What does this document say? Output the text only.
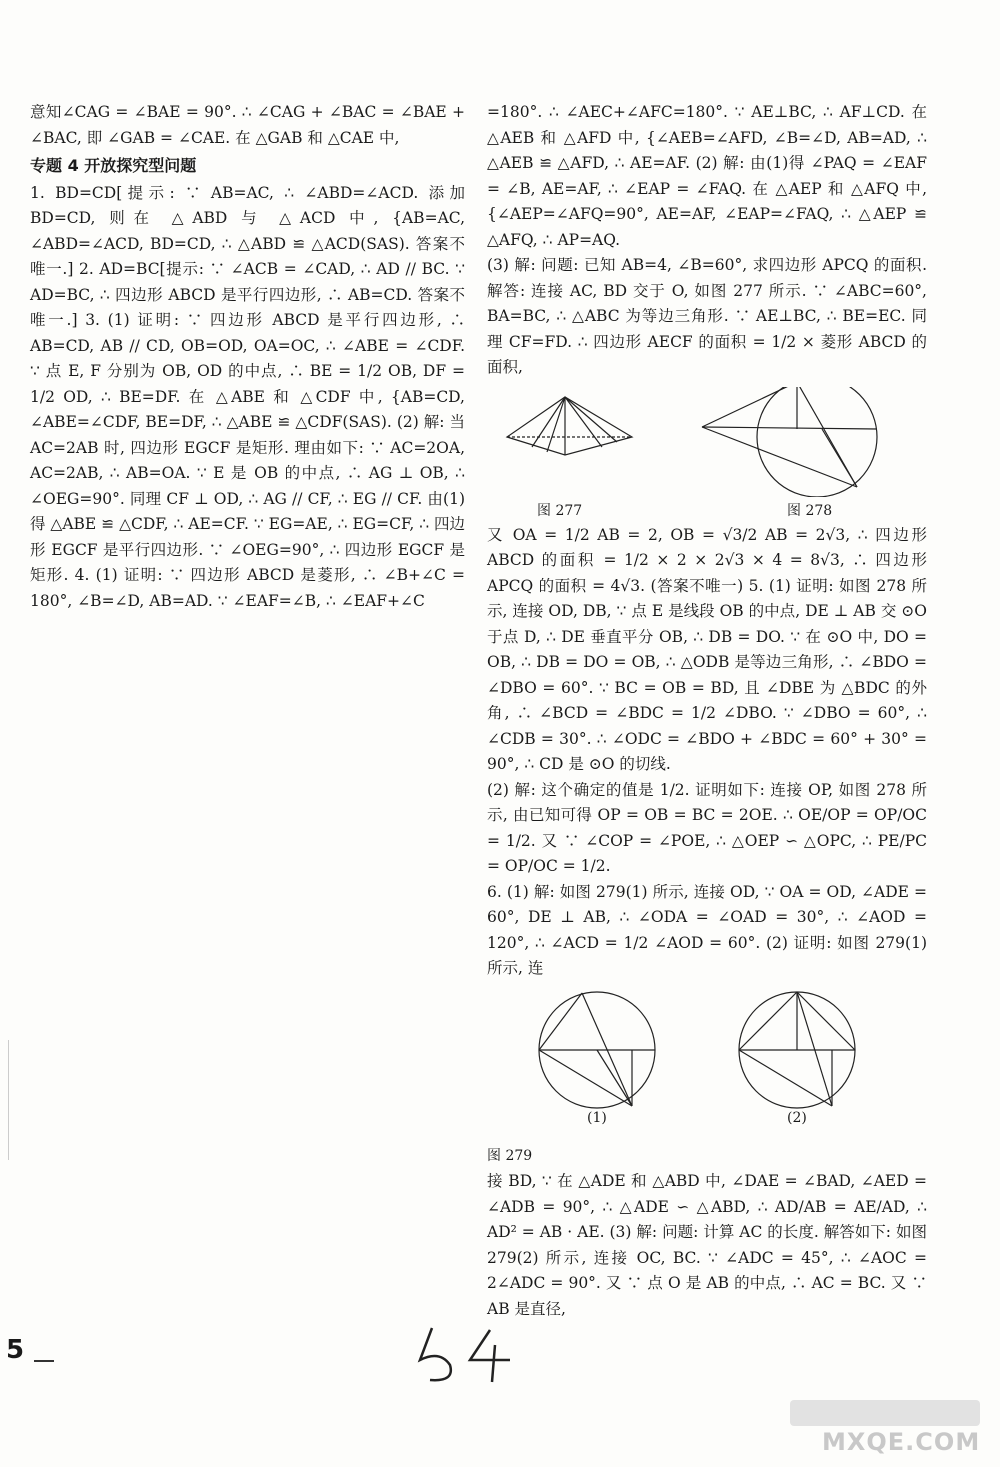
意知∠CAG = ∠BAE = 90°. ∴ ∠CAG + ∠BAC = ∠BAE + ∠BAC, 即 ∠GAB = ∠CAE. 在 △GAB 和 △CAE 中,

专题 4 开放探究型问题

1. BD=CD[提示: ∵ AB=AC, ∴ ∠ABD=∠ACD. 添加 BD=CD, 则在 △ABD 与 △ACD 中, {AB=AC, ∠ABD=∠ACD, BD=CD, ∴ △ABD ≌ △ACD(SAS). 答案不唯一.] 2. AD=BC[提示: ∵ ∠ACB = ∠CAD, ∴ AD // BC. ∵ AD=BC, ∴ 四边形 ABCD 是平行四边形, ∴ AB=CD. 答案不唯一.] 3. (1) 证明: ∵ 四边形 ABCD 是平行四边形, ∴ AB=CD, AB // CD, OB=OD, OA=OC, ∴ ∠ABE = ∠CDF. ∵ 点 E, F 分别为 OB, OD 的中点, ∴ BE = 1/2 OB, DF = 1/2 OD, ∴ BE=DF. 在 △ABE 和 △CDF 中, {AB=CD, ∠ABE=∠CDF, BE=DF, ∴ △ABE ≌ △CDF(SAS). (2) 解: 当 AC=2AB 时, 四边形 EGCF 是矩形. 理由如下: ∵ AC=2OA, AC=2AB, ∴ AB=OA. ∵ E 是 OB 的中点, ∴ AG ⊥ OB, ∴ ∠OEG=90°. 同理 CF ⊥ OD, ∴ AG // CF, ∴ EG // CF. 由(1)得 △ABE ≌ △CDF, ∴ AE=CF. ∵ EG=AE, ∴ EG=CF, ∴ 四边形 EGCF 是平行四边形. ∵ ∠OEG=90°, ∴ 四边形 EGCF 是矩形. 4. (1) 证明: ∵ 四边形 ABCD 是菱形, ∴ ∠B+∠C = 180°, ∠B=∠D, AB=AD. ∵ ∠EAF=∠B, ∴ ∠EAF+∠C

=180°. ∴ ∠AEC+∠AFC=180°. ∵ AE⊥BC, ∴ AF⊥CD. 在 △AEB 和 △AFD 中, {∠AEB=∠AFD, ∠B=∠D, AB=AD, ∴ △AEB ≌ △AFD, ∴ AE=AF. (2) 解: 由(1)得 ∠PAQ = ∠EAF = ∠B, AE=AF, ∴ ∠EAP = ∠FAQ. 在 △AEP 和 △AFQ 中, {∠AEP=∠AFQ=90°, AE=AF, ∠EAP=∠FAQ, ∴ △AEP ≌ △AFQ, ∴ AP=AQ.

(3) 解: 问题: 已知 AB=4, ∠B=60°, 求四边形 APCQ 的面积. 解答: 连接 AC, BD 交于 O, 如图 277 所示. ∵ ∠ABC=60°, BA=BC, ∴ △ABC 为等边三角形. ∵ AE⊥BC, ∴ BE=EC. 同理 CF=FD. ∴ 四边形 AECF 的面积 = 1/2 × 菱形 ABCD 的面积,

图 277	图 278

又 OA = 1/2 AB = 2, OB = √3/2 AB = 2√3, ∴ 四边形 ABCD 的面积 = 1/2 × 2 × 2√3 × 4 = 8√3, ∴ 四边形 APCQ 的面积 = 4√3. (答案不唯一) 5. (1) 证明: 如图 278 所示, 连接 OD, DB, ∵ 点 E 是线段 OB 的中点, DE ⊥ AB 交 ⊙O 于点 D, ∴ DE 垂直平分 OB, ∴ DB = DO. ∵ 在 ⊙O 中, DO = OB, ∴ DB = DO = OB, ∴ △ODB 是等边三角形, ∴ ∠BDO = ∠DBO = 60°. ∵ BC = OB = BD, 且 ∠DBE 为 △BDC 的外角, ∴ ∠BCD = ∠BDC = 1/2 ∠DBO. ∵ ∠DBO = 60°, ∴ ∠CDB = 30°. ∴ ∠ODC = ∠BDO + ∠BDC = 60° + 30° = 90°, ∴ CD 是 ⊙O 的切线.

(2) 解: 这个确定的值是 1/2. 证明如下: 连接 OP, 如图 278 所示, 由已知可得 OP = OB = BC = 2OE. ∴ OE/OP = OP/OC = 1/2. 又 ∵ ∠COP = ∠POE, ∴ △OEP ∽ △OPC, ∴ PE/PC = OP/OC = 1/2.

6. (1) 解: 如图 279(1) 所示, 连接 OD, ∵ OA = OD, ∠ADE = 60°, DE ⊥ AB, ∴ ∠ODA = ∠OAD = 30°, ∴ ∠AOD = 120°, ∴ ∠ACD = 1/2 ∠AOD = 60°. (2) 证明: 如图 279(1) 所示, 连

(1)	(2)

图 279

接 BD, ∵ 在 △ADE 和 △ABD 中, ∠DAE = ∠BAD, ∠AED = ∠ADB = 90°, ∴ △ADE ∽ △ABD, ∴ AD/AB = AE/AD, ∴ AD² = AB · AE. (3) 解: 问题: 计算 AC 的长度. 解答如下: 如图 279(2) 所示, 连接 OC, BC. ∵ ∠ADC = 45°, ∴ ∠AOC = 2∠ADC = 90°. 又 ∵ 点 O 是 AB 的中点, ∴ AC = BC. 又 ∵ AB 是直径,

5
MXQE.COM
